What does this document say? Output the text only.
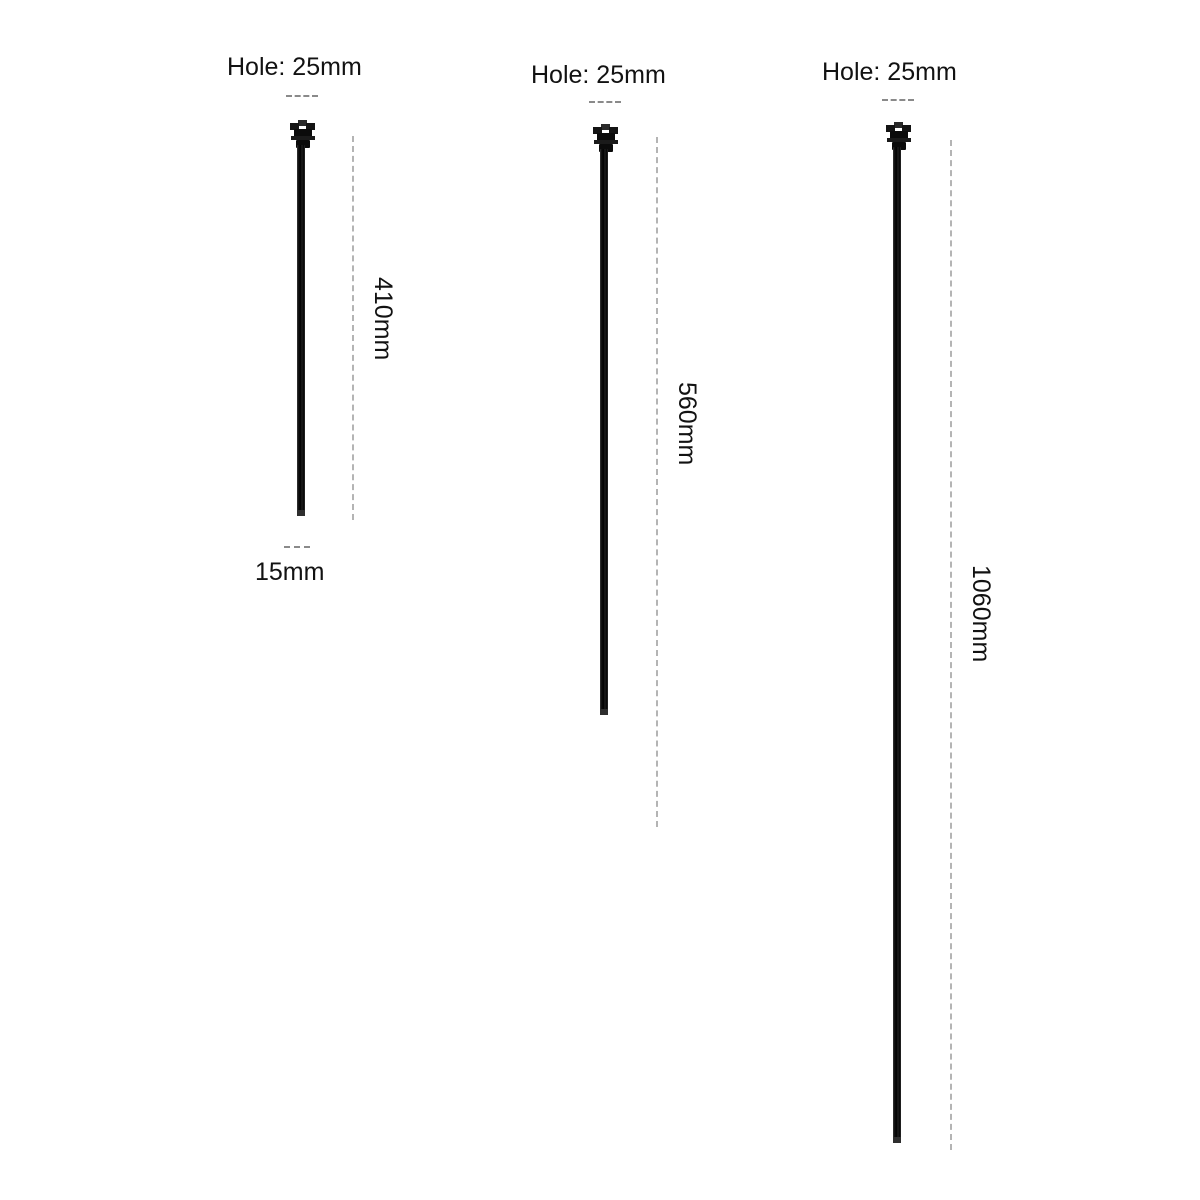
Hole: 25mm
410mm
15mm
Hole: 25mm
560mm
Hole: 25mm
1060mm
